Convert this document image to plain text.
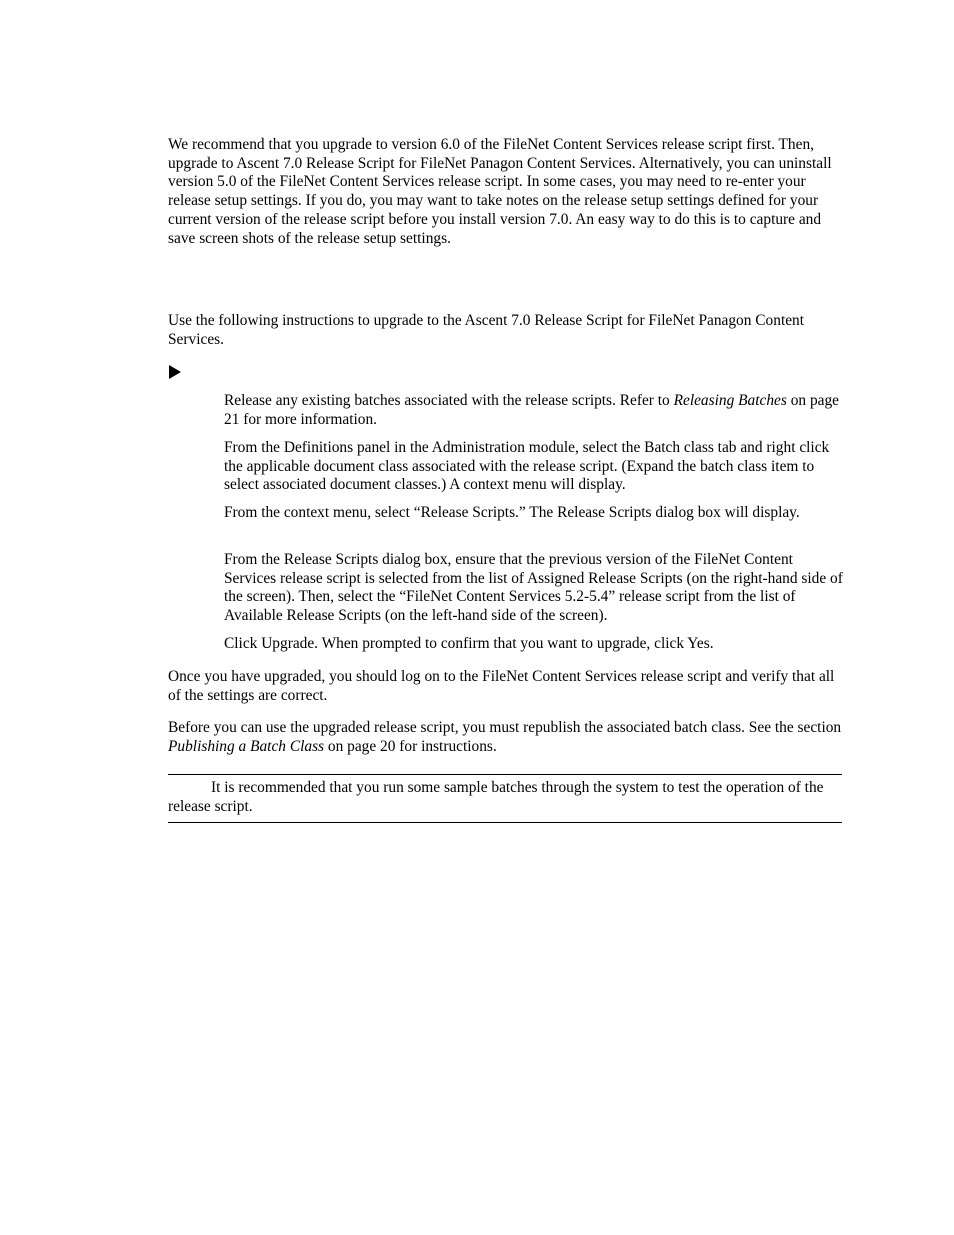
We recommend that you upgrade to version 6.0 of the FileNet Content Services release script first. Then, upgrade to Ascent 7.0 Release Script for FileNet Panagon Content Services. Alternatively, you can uninstall version 5.0 of the FileNet Content Services release script. In some cases, you may need to re-enter your release setup settings. If you do, you may want to take notes on the release setup settings defined for your current version of the release script before you install version 7.0. An easy way to do this is to capture and save screen shots of the release setup settings.

Use the following instructions to upgrade to the Ascent 7.0 Release Script for FileNet Panagon Content Services.

Release any existing batches associated with the release scripts. Refer to Releasing Batches on page 21 for more information.

From the Definitions panel in the Administration module, select the Batch class tab and right click the applicable document class associated with the release script. (Expand the batch class item to select associated document classes.) A context menu will display.

From the context menu, select “Release Scripts.” The Release Scripts dialog box will display.

From the Release Scripts dialog box, ensure that the previous version of the FileNet Content Services release script is selected from the list of Assigned Release Scripts (on the right-hand side of the screen). Then, select the “FileNet Content Services 5.2-5.4” release script from the list of Available Release Scripts (on the left-hand side of the screen).

Click Upgrade. When prompted to confirm that you want to upgrade, click Yes.

Once you have upgraded, you should log on to the FileNet Content Services release script and verify that all of the settings are correct.

Before you can use the upgraded release script, you must republish the associated batch class. See the section Publishing a Batch Class on page 20 for instructions.

It is recommended that you run some sample batches through the system to test the operation of the release script.
